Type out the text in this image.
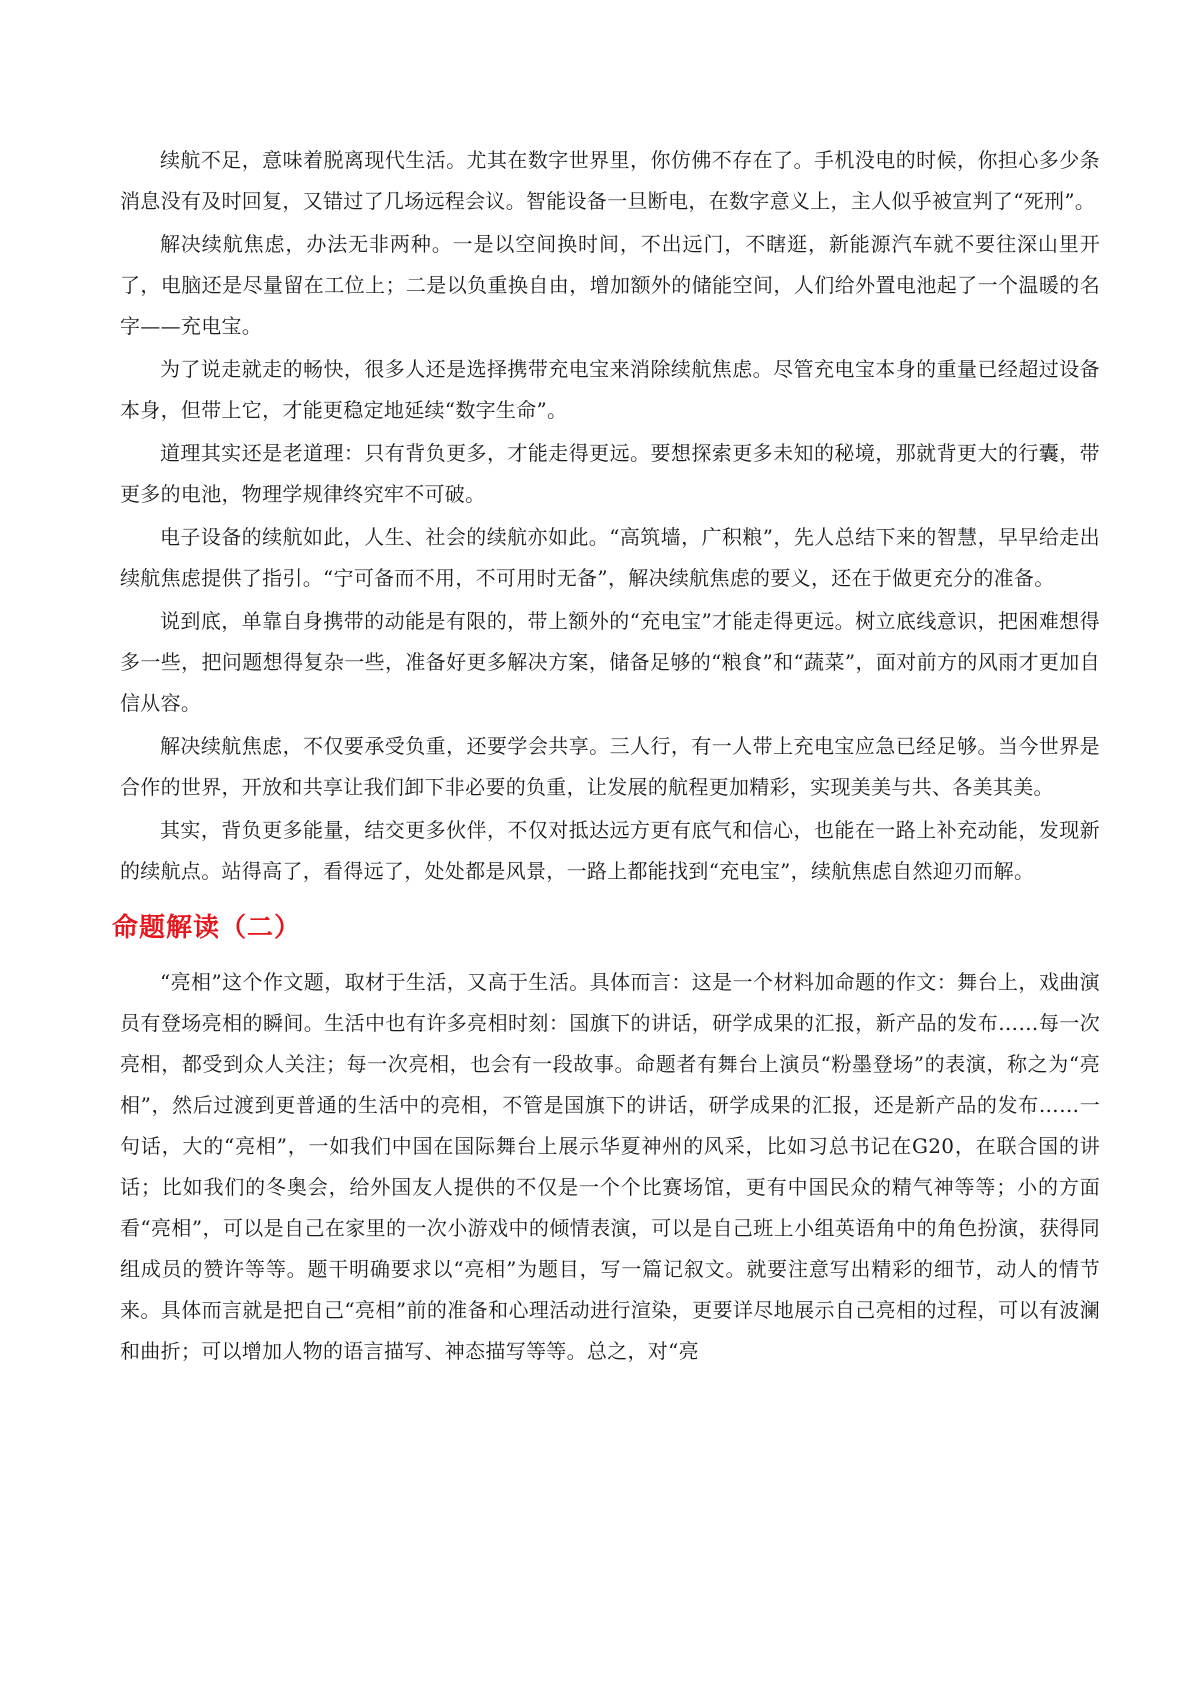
续航不足，意味着脱离现代生活。尤其在数字世界里，你仿佛不存在了。手机没电的时候，你担心多少条消息没有及时回复，又错过了几场远程会议。智能设备一旦断电，在数字意义上，主人似乎被宣判了“死刑”。

解决续航焦虑，办法无非两种。一是以空间换时间，不出远门，不瞎逛，新能源汽车就不要往深山里开了，电脑还是尽量留在工位上；二是以负重换自由，增加额外的储能空间，人们给外置电池起了一个温暖的名字——充电宝。

为了说走就走的畅快，很多人还是选择携带充电宝来消除续航焦虑。尽管充电宝本身的重量已经超过设备本身，但带上它，才能更稳定地延续“数字生命”。

道理其实还是老道理：只有背负更多，才能走得更远。要想探索更多未知的秘境，那就背更大的行囊，带更多的电池，物理学规律终究牢不可破。

电子设备的续航如此，人生、社会的续航亦如此。“高筑墙，广积粮”，先人总结下来的智慧，早早给走出续航焦虑提供了指引。“宁可备而不用，不可用时无备”，解决续航焦虑的要义，还在于做更充分的准备。

说到底，单靠自身携带的动能是有限的，带上额外的“充电宝”才能走得更远。树立底线意识，把困难想得多一些，把问题想得复杂一些，准备好更多解决方案，储备足够的“粮食”和“蔬菜”，面对前方的风雨才更加自信从容。

解决续航焦虑，不仅要承受负重，还要学会共享。三人行，有一人带上充电宝应急已经足够。当今世界是合作的世界，开放和共享让我们卸下非必要的负重，让发展的航程更加精彩，实现美美与共、各美其美。

其实，背负更多能量，结交更多伙伴，不仅对抵达远方更有底气和信心，也能在一路上补充动能，发现新的续航点。站得高了，看得远了，处处都是风景，一路上都能找到“充电宝”，续航焦虑自然迎刃而解。

命题解读（二）

“亮相”这个作文题，取材于生活，又高于生活。具体而言：这是一个材料加命题的作文：舞台上，戏曲演员有登场亮相的瞬间。生活中也有许多亮相时刻：国旗下的讲话，研学成果的汇报，新产品的发布……每一次亮相，都受到众人关注；每一次亮相，也会有一段故事。命题者有舞台上演员“粉墨登场”的表演，称之为“亮相”，然后过渡到更普通的生活中的亮相，不管是国旗下的讲话，研学成果的汇报，还是新产品的发布……一句话，大的“亮相”，一如我们中国在国际舞台上展示华夏神州的风采，比如习总书记在G20，在联合国的讲话；比如我们的冬奥会，给外国友人提供的不仅是一个个比赛场馆，更有中国民众的精气神等等；小的方面看“亮相”，可以是自己在家里的一次小游戏中的倾情表演，可以是自己班上小组英语角中的角色扮演，获得同组成员的赞许等等。题干明确要求以“亮相”为题目，写一篇记叙文。就要注意写出精彩的细节，动人的情节来。具体而言就是把自己“亮相”前的准备和心理活动进行渲染，更要详尽地展示自己亮相的过程，可以有波澜和曲折；可以增加人物的语言描写、神态描写等等。总之，对“亮
